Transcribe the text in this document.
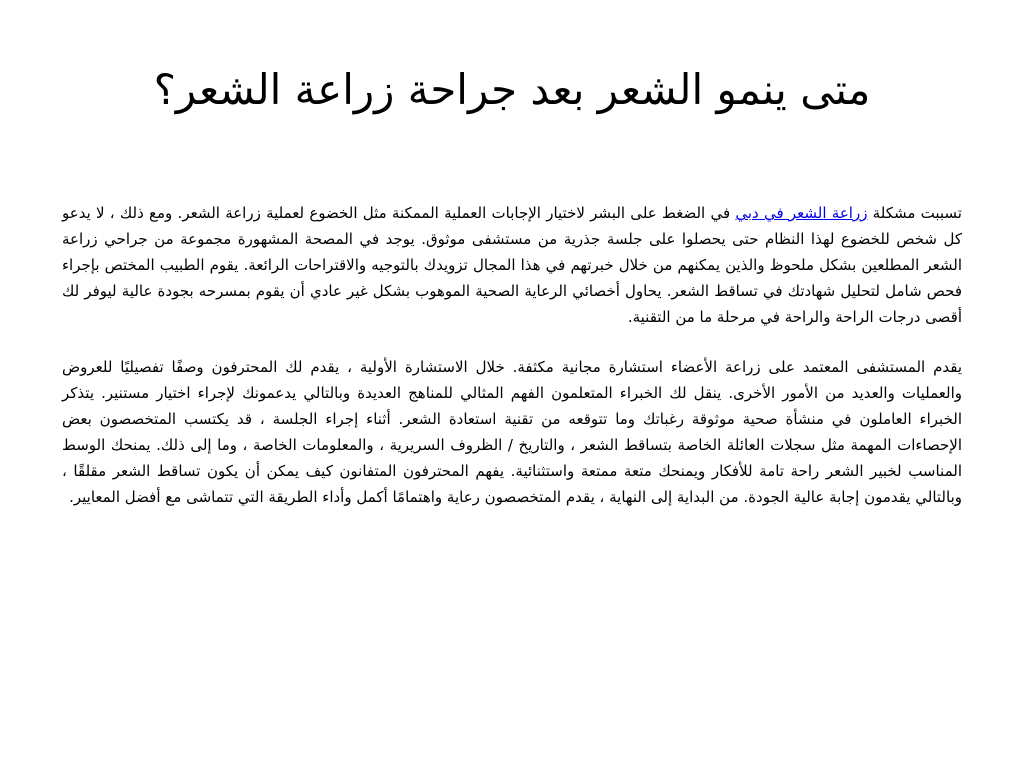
متى ينمو الشعر بعد جراحة زراعة الشعر؟

تسببت مشكلة زراعة الشعر في دبي في الضغط على البشر لاختيار الإجابات العملية الممكنة مثل الخضوع لعملية زراعة الشعر. ومع ذلك ، لا يدعو كل شخص للخضوع لهذا النظام حتى يحصلوا على جلسة جذرية من مستشفى موثوق. يوجد في المصحة المشهورة مجموعة من جراحي زراعة الشعر المطلعين بشكل ملحوظ والذين يمكنهم من خلال خبرتهم في هذا المجال تزويدك بالتوجيه والاقتراحات الرائعة. يقوم الطبيب المختص بإجراء فحص شامل لتحليل شهادتك في تساقط الشعر. يحاول أخصائي الرعاية الصحية الموهوب بشكل غير عادي أن يقوم بمسرحه بجودة عالية ليوفر لك أقصى درجات الراحة والراحة في مرحلة ما من التقنية.

يقدم المستشفى المعتمد على زراعة الأعضاء استشارة مجانية مكثفة. خلال الاستشارة الأولية ، يقدم لك المحترفون وصفًا تفصيليًا للعروض والعمليات والعديد من الأمور الأخرى. ينقل لك الخبراء المتعلمون الفهم المثالي للمناهج العديدة وبالتالي يدعمونك لإجراء اختيار مستنير. يتذكر الخبراء العاملون في منشأة صحية موثوقة رغباتك وما تتوقعه من تقنية استعادة الشعر. أثناء إجراء الجلسة ، قد يكتسب المتخصصون بعض الإحصاءات المهمة مثل سجلات العائلة الخاصة بتساقط الشعر ، والتاريخ / الظروف السريرية ، والمعلومات الخاصة ، وما إلى ذلك. يمنحك الوسط المناسب لخبير الشعر راحة تامة للأفكار ويمنحك متعة ممتعة واستثنائية. يفهم المحترفون المتفانون كيف يمكن أن يكون تساقط الشعر مقلقًا ، وبالتالي يقدمون إجابة عالية الجودة. من البداية إلى النهاية ، يقدم المتخصصون رعاية واهتمامًا أكمل وأداء الطريقة التي تتماشى مع أفضل المعايير.
